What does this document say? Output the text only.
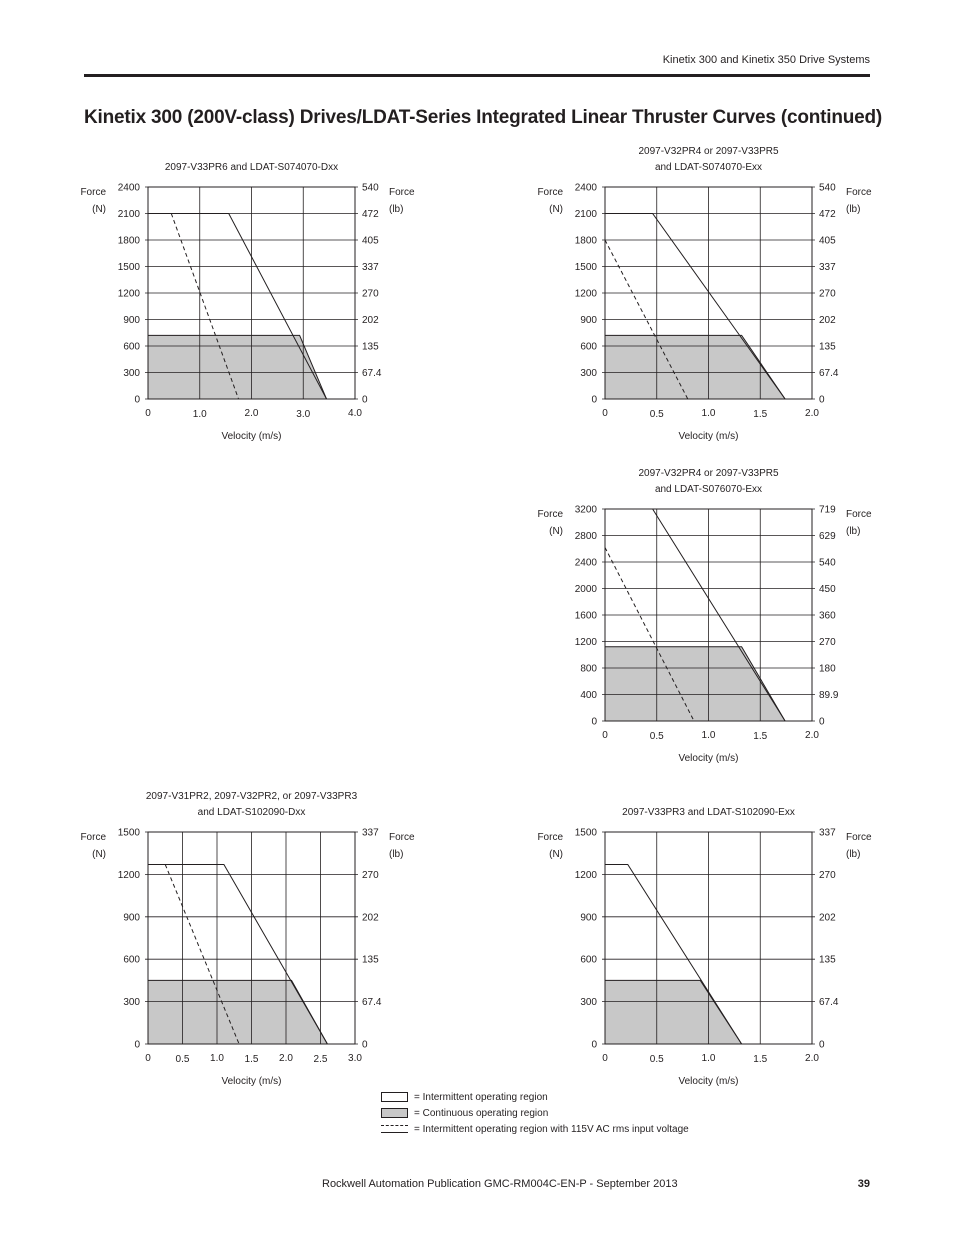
Kinetix 300 and Kinetix 350 Drive Systems
Kinetix 300 (200V-class) Drives/LDAT-Series Integrated Linear Thruster Curves (continued)
2097-V33PR6 and LDAT-S074070-Dxx
0
300
600
900
1200
1500
1800
2100
2400
0
67.4
135
202
270
337
405
472
540
0	1.0	2.0	3.0	4.0
Velocity (m/s)
Force
(N)
Force
(lb)
2097-V32PR4 or 2097-V33PR5
and LDAT-S074070-Exx
0
300
600
900
1200
1500
1800
2100
2400
0
67.4
135
202
270
337
405
472
540
0	0.5	1.0	1.5	2.0
Velocity (m/s)
Force
(N)
Force
(lb)
2097-V32PR4 or 2097-V33PR5
and LDAT-S076070-Exx
0
400
800
1200
1600
2000
2400
2800
3200
0
89.9
180
270
360
450
540
629
719
0	0.5	1.0	1.5	2.0
Velocity (m/s)
Force
(N)
Force
(lb)
2097-V31PR2, 2097-V32PR2, or 2097-V33PR3
and LDAT-S102090-Dxx
0
300
600
900
1200
1500
0
67.4
135
202
270
337
0 0.5 1.0 1.5 2.0 2.5 3.0
Velocity (m/s)
Force
(N)
Force
(lb)
2097-V33PR3 and LDAT-S102090-Exx
0
300
600
900
1200
1500
0
67.4
135
202
270
337
0	0.5	1.0	1.5	2.0
Velocity (m/s)
Force
(N)
Force
(lb)
= Intermittent operating region
= Continuous operating region
= Intermittent operating region with 115V AC rms input voltage
Rockwell Automation Publication GMC-RM004C-EN-P - September 2013	39
